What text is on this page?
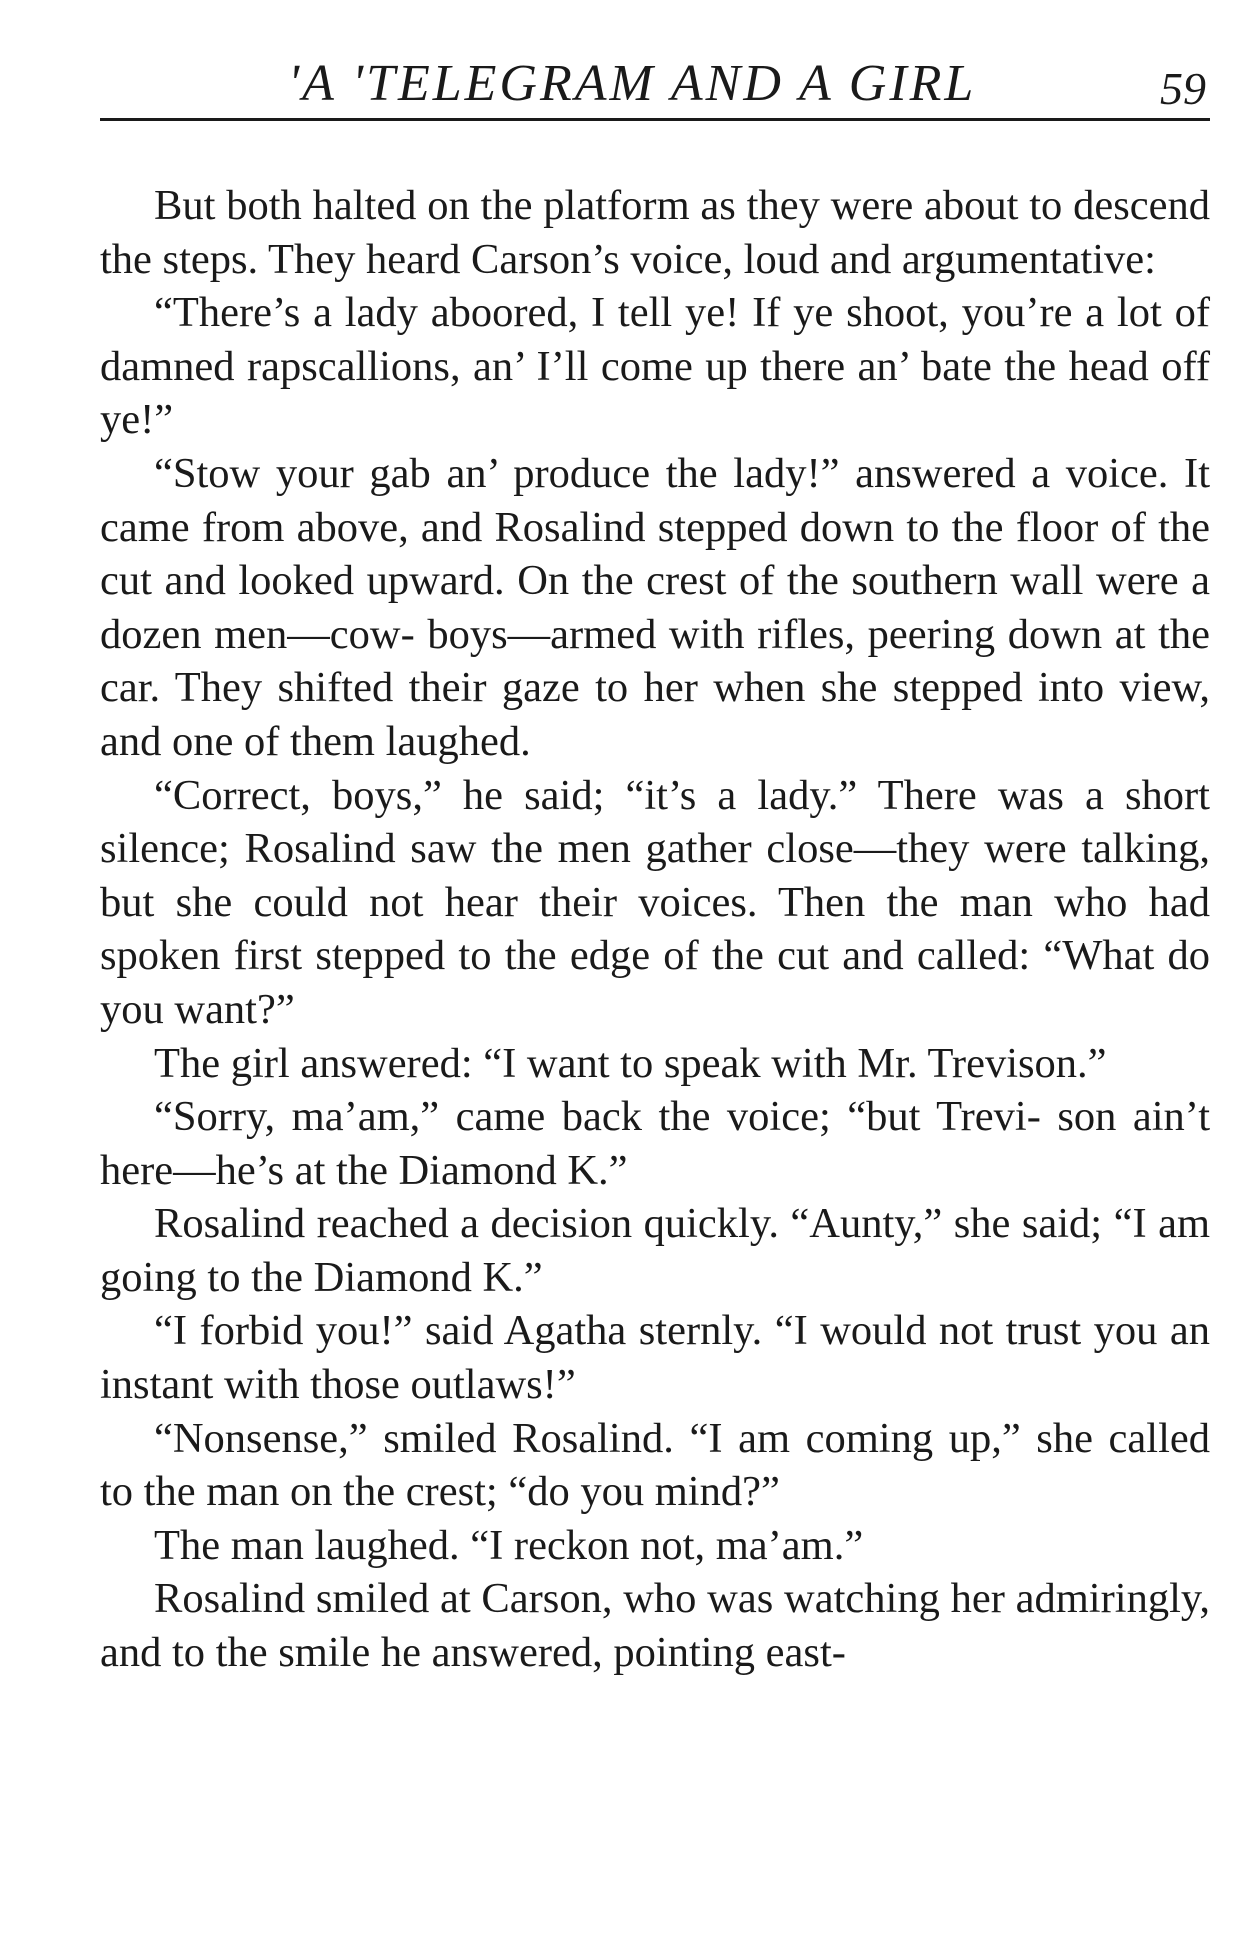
'A 'TELEGRAM AND A GIRL	59

But both halted on the platform as they were about to descend the steps. They heard Carson’s voice, loud and argumentative:

“There’s a lady aboored, I tell ye! If ye shoot, you’re a lot of damned rapscallions, an’ I’ll come up there an’ bate the head off ye!”

“Stow your gab an’ produce the lady!” answered a voice. It came from above, and Rosalind stepped down to the floor of the cut and looked upward. On the crest of the southern wall were a dozen men—cow- boys—armed with rifles, peering down at the car. They shifted their gaze to her when she stepped into view, and one of them laughed.

“Correct, boys,” he said; “it’s a lady.” There was a short silence; Rosalind saw the men gather close—they were talking, but she could not hear their voices. Then the man who had spoken first stepped to the edge of the cut and called: “What do you want?”

The girl answered: “I want to speak with Mr. Trevison.”

“Sorry, ma’am,” came back the voice; “but Trevi- son ain’t here—he’s at the Diamond K.”

Rosalind reached a decision quickly. “Aunty,” she said; “I am going to the Diamond K.”

“I forbid you!” said Agatha sternly. “I would not trust you an instant with those outlaws!”

“Nonsense,” smiled Rosalind. “I am coming up,” she called to the man on the crest; “do you mind?”

The man laughed. “I reckon not, ma’am.”

Rosalind smiled at Carson, who was watching her admiringly, and to the smile he answered, pointing east-
